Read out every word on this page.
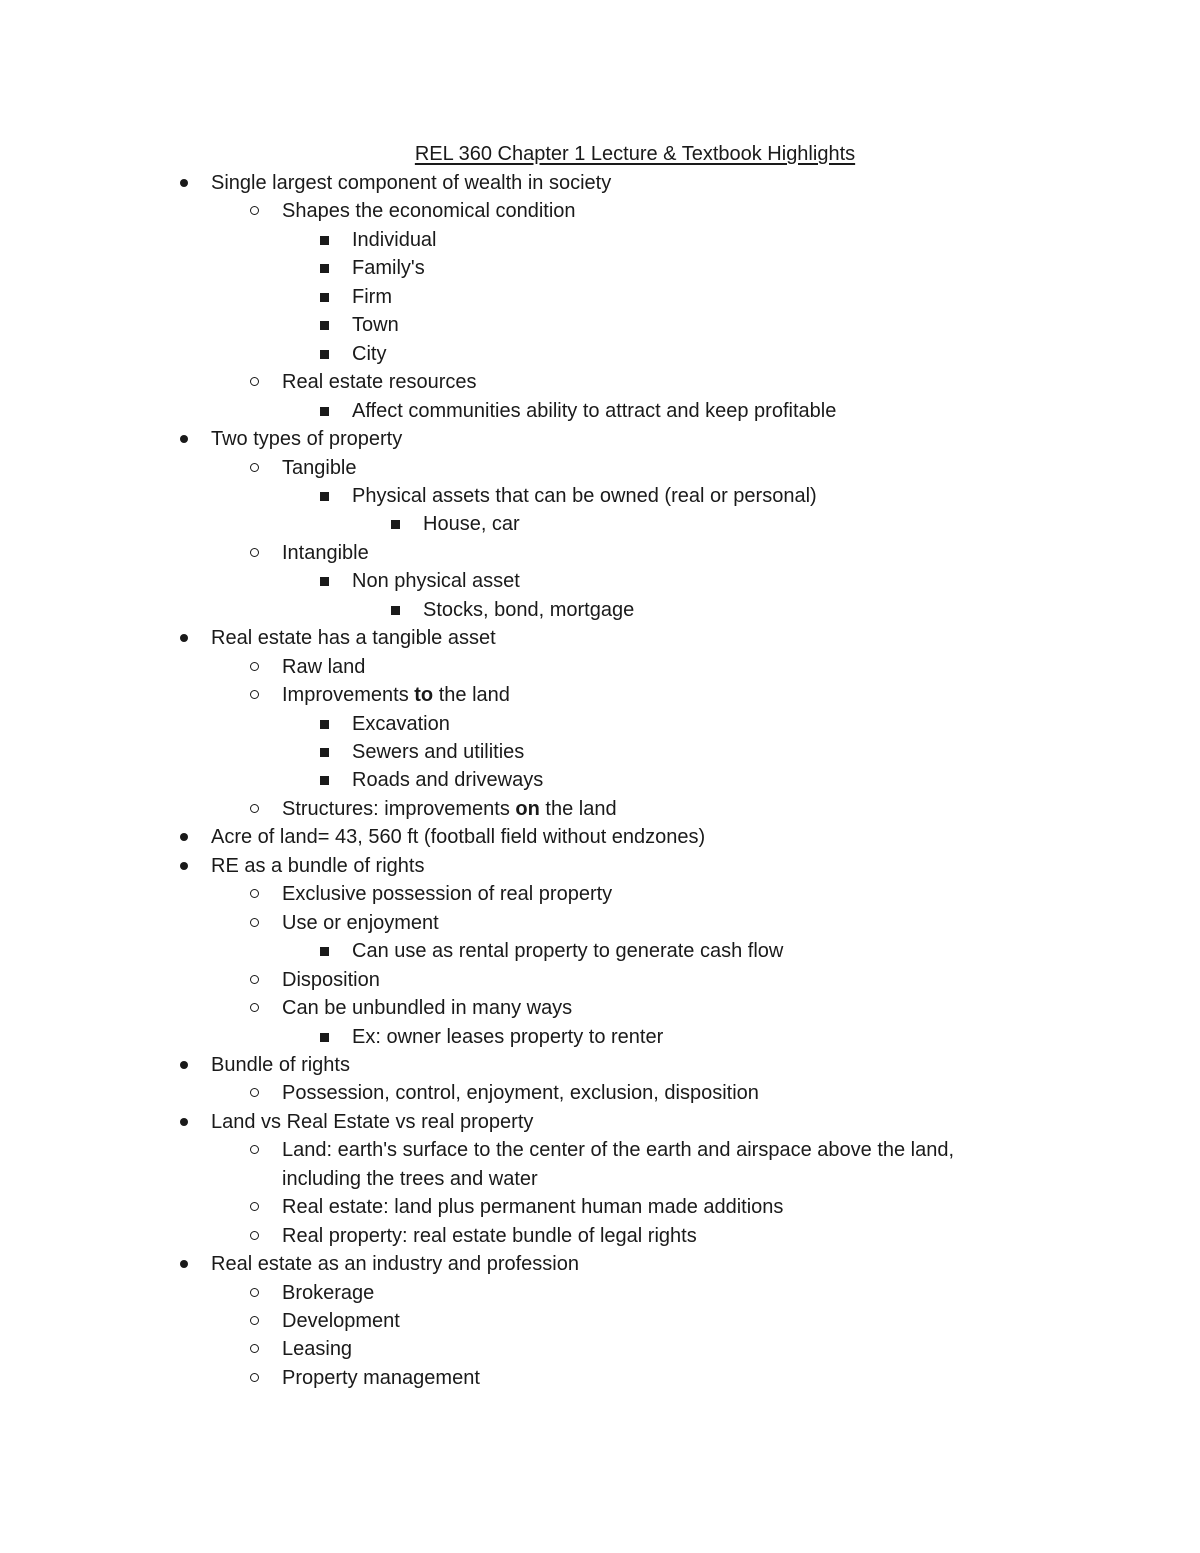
REL 360 Chapter 1 Lecture & Textbook Highlights
Single largest component of wealth in society
Shapes the economical condition
Individual
Family's
Firm
Town
City
Real estate resources
Affect communities ability to attract and keep profitable
Two types of property
Tangible
Physical assets that can be owned (real or personal)
House, car
Intangible
Non physical asset
Stocks, bond, mortgage
Real estate has a tangible asset
Raw land
Improvements to the land
Excavation
Sewers and utilities
Roads and driveways
Structures: improvements on the land
Acre of land= 43, 560 ft (football field without endzones)
RE as a bundle of rights
Exclusive possession of real property
Use or enjoyment
Can use as rental property to generate cash flow
Disposition
Can be unbundled in many ways
Ex: owner leases property to renter
Bundle of rights
Possession, control, enjoyment, exclusion, disposition
Land vs Real Estate vs real property
Land: earth's surface to the center of the earth and airspace above the land,
including the trees and water
Real estate: land plus permanent human made additions
Real property: real estate bundle of legal rights
Real estate as an industry and profession
Brokerage
Development
Leasing
Property management
